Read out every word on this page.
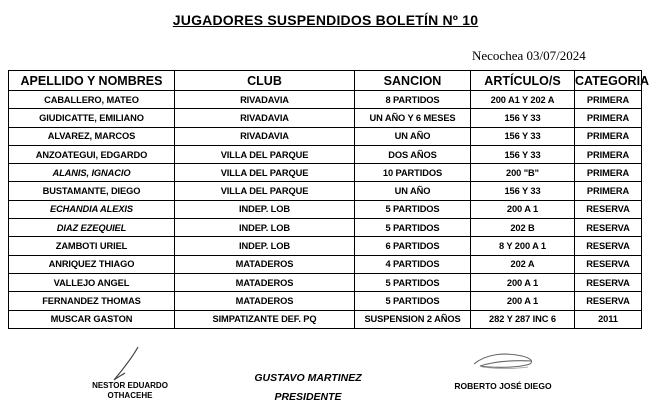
JUGADORES SUSPENDIDOS BOLETÍN Nº 10
Necochea 03/07/2024
APELLIDO Y NOMBRES	CLUB	SANCION	ARTÍCULO/S	CATEGORIA
CABALLERO, MATEO	RIVADAVIA	8 PARTIDOS	200 A1 Y 202 A	PRIMERA
GIUDICATTE, EMILIANO	RIVADAVIA	UN AÑO Y 6 MESES	156 Y 33	PRIMERA
ALVAREZ, MARCOS	RIVADAVIA	UN AÑO	156 Y 33	PRIMERA
ANZOATEGUI, EDGARDO	VILLA DEL PARQUE	DOS AÑOS	156 Y 33	PRIMERA
ALANIS, IGNACIO	VILLA DEL PARQUE	10 PARTIDOS	200 "B"	PRIMERA
BUSTAMANTE, DIEGO	VILLA DEL PARQUE	UN AÑO	156 Y 33	PRIMERA
ECHANDIA ALEXIS	INDEP. LOB	5 PARTIDOS	200 A 1	RESERVA
DIAZ EZEQUIEL	INDEP. LOB	5 PARTIDOS	202 B	RESERVA
ZAMBOTI URIEL	INDEP. LOB	6 PARTIDOS	8 Y 200 A 1	RESERVA
ANRIQUEZ THIAGO	MATADEROS	4 PARTIDOS	202 A	RESERVA
VALLEJO ANGEL	MATADEROS	5 PARTIDOS	200 A 1	RESERVA
FERNANDEZ THOMAS	MATADEROS	5 PARTIDOS	200 A 1	RESERVA
MUSCAR GASTON	SIMPATIZANTE DEF. PQ	SUSPENSION 2 AÑOS	282 Y 287 INC 6	2011
NESTOR EDUARDO
OTHACEHE
GUSTAVO MARTINEZ
PRESIDENTE
ROBERTO JOSÉ DIEGO
